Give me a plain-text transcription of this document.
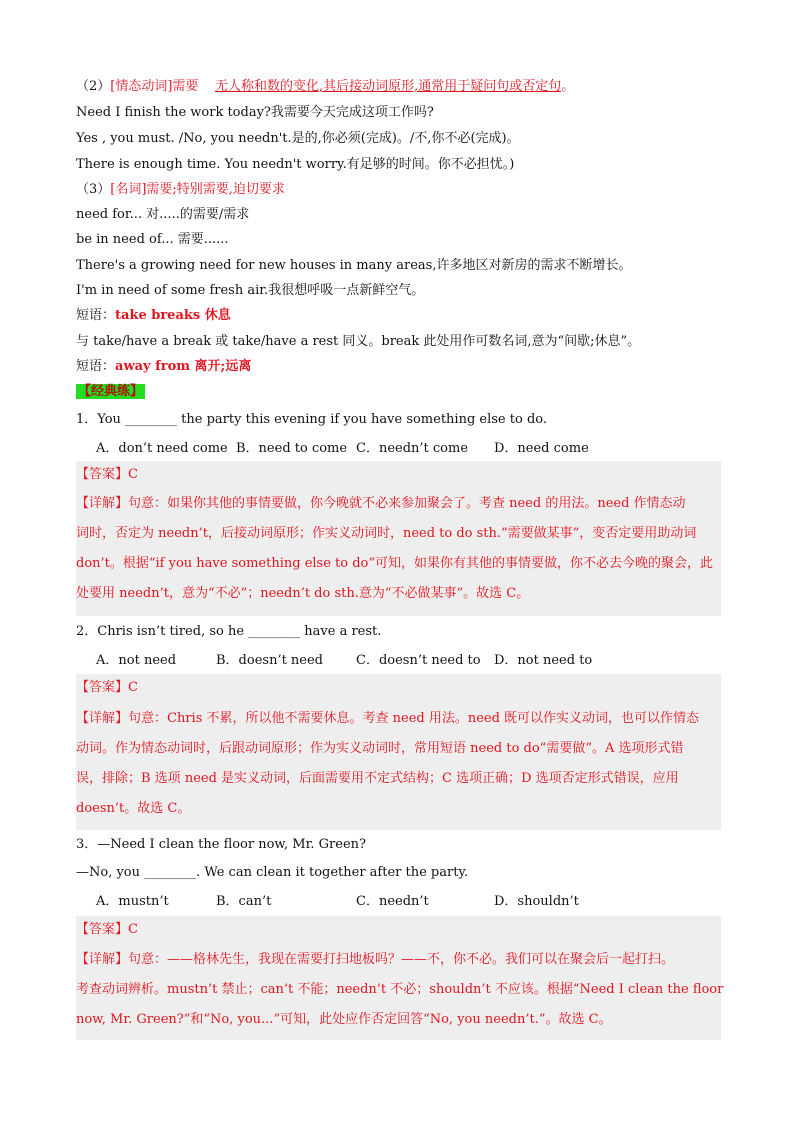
（2）[情态动词]需要 无人称和数的变化,其后接动词原形,通常用于疑问句或否定句。
Need I finish the work today?我需要今天完成这项工作吗?
Yes , you must. /No, you needn't.是的,你必须(完成)。/不,你不必(完成)。
There is enough time. You needn't worry.有足够的时间。你不必担忧。)
（3）[名词]需要;特别需要,迫切要求
need for... 对.....的需要/需求
be in need of... 需要......
There's a growing need for new houses in many areas,许多地区对新房的需求不断增长。
I'm in need of some fresh air.我很想呼吸一点新鲜空气。
短语：take breaks 休息
与 take/have a break 或 take/have a rest 同义。break 此处用作可数名词,意为“间歇;休息”。
短语：away from 离开;远离
【经典练】
1．You ________ the party this evening if you have something else to do.
A．don’t need come B．need to come C．needn’t come D．need come
【答案】C
【详解】句意：如果你其他的事情要做，你今晚就不必来参加聚会了。考查 need 的用法。need 作情态动
词时，否定为 needn’t，后接动词原形；作实义动词时，need to do sth.“需要做某事”，变否定要用助动词
don’t。根据“if you have something else to do”可知，如果你有其他的事情要做，你不必去今晚的聚会，此
处要用 needn’t，意为“不必”；needn’t do sth.意为“不必做某事”。故选 C。
2．Chris isn’t tired, so he ________ have a rest.
A．not need	B．doesn’t need	C．doesn’t need to D．not need to
【答案】C
【详解】句意：Chris 不累，所以他不需要休息。考查 need 用法。need 既可以作实义动词，也可以作情态
动词。作为情态动词时，后跟动词原形；作为实义动词时，常用短语 need to do“需要做”。A 选项形式错
误，排除；B 选项 need 是实义动词，后面需要用不定式结构；C 选项正确；D 选项否定形式错误，应用
doesn’t。故选 C。
3．—Need I clean the floor now, Mr. Green?
—No, you ________. We can clean it together after the party.
A．mustn’t	B．can’t	C．needn’t	D．shouldn’t
【答案】C
【详解】句意：——格林先生，我现在需要打扫地板吗？——不，你不必。我们可以在聚会后一起打扫。
考查动词辨析。mustn’t 禁止；can’t 不能；needn’t 不必；shouldn’t 不应该。根据“Need I clean the floor
now, Mr. Green?”和“No, you...”可知，此处应作否定回答“No, you needn’t.”。故选 C。
